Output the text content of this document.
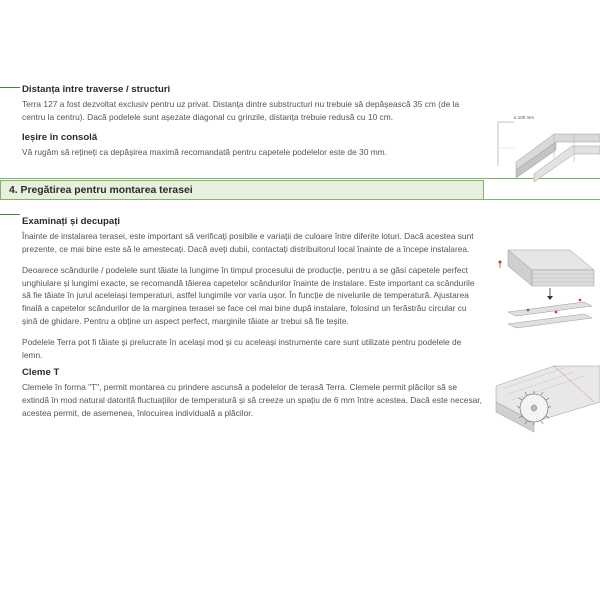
Distanța între traverse / structuri

Terra 127 a fost dezvoltat exclusiv pentru uz privat. Distanța dintre substructuri nu trebuie să depășească 35 cm (de la centru la centru). Dacă podelele sunt așezate diagonal cu grinzile, distanța trebuie redusă cu 10 cm.

Ieșire în consolă

Vă rugăm să rețineți ca depășirea maximă recomandată pentru capetele podelelor este de 30 mm.

4. Pregătirea pentru montarea terasei

Examinați și decupați

Înainte de instalarea terasei, este important să verificați posibile e variații de culoare între diferite loturi. Dacă acestea sunt prezente, ce mai bine este să le amestecați. Dacă aveți dubii, contactați distribuitorul local înainte de a începe instalarea.

Deoarece scândurile / podelele sunt tăiate la lungime în timpul procesului de producție, pentru a se găsi capetele perfect unghiulare și lungimi exacte, se recomandă tăierea capetelor scândurilor înainte de instalare. Este important ca scândurile să fie tăiate în jurul aceleiași temperaturi, astfel lungimile vor varia ușor. În funcție de nivelurile de temperatură. Ajustarea finală a capetelor scândurilor de la marginea terasei se face cel mai bine după instalare, folosind un ferăstrău circular cu șină de ghidare. Pentru a obține un aspect perfect, marginile tăiate ar trebui să fie teșite.

Podelele Terra pot fi tăiate și prelucrate în același mod și cu aceleași instrumente care sunt utilizate pentru podelele de lemn.

Cleme T

Clemele în forma "T", permit montarea cu prindere ascunsă a podelelor de terasă Terra. Clemele permit plăcilor să se extindă în mod natural datorită fluctuațiilor de temperatură și să creeze un spațiu de 6 mm între acestea. Dacă este necesar, acestea permit, de asemenea, înlocuirea individuală a plăcilor.

≤ 100 mm
